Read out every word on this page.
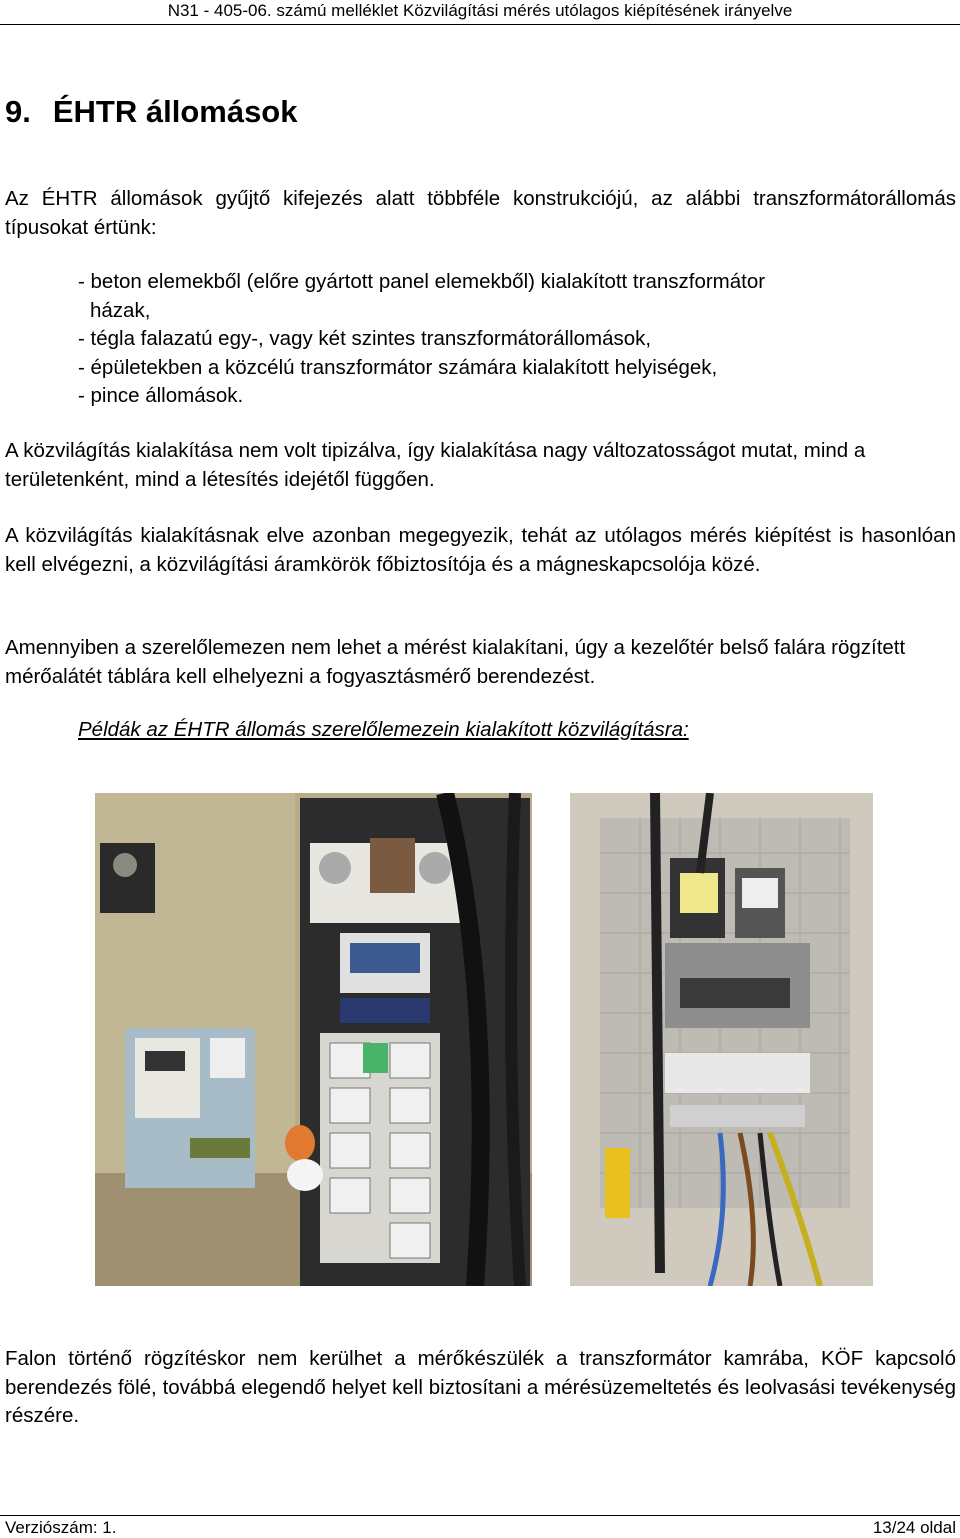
N31 - 405-06. számú melléklet Közvilágítási mérés utólagos kiépítésének irányelve
9. ÉHTR állomások

Az ÉHTR állomások gyűjtő kifejezés alatt többféle konstrukciójú, az alábbi transzformátorállomás típusokat értünk:

- beton elemekből (előre gyártott panel elemekből) kialakított transzformátor
házak,
- tégla falazatú egy-, vagy két szintes transzformátorállomások,
- épületekben a közcélú transzformátor számára kialakított helyiségek,
- pince állomások.

A közvilágítás kialakítása nem volt tipizálva, így kialakítása nagy változatosságot mutat, mind a területenként, mind a létesítés idejétől függően.

A közvilágítás kialakításnak elve azonban megegyezik, tehát az utólagos mérés kiépítést is hasonlóan kell elvégezni, a közvilágítási áramkörök főbiztosítója és a mágneskapcsolója közé.

Amennyiben a szerelőlemezen nem lehet a mérést kialakítani, úgy a kezelőtér belső falára rögzített mérőalátét táblára kell elhelyezni a fogyasztásmérő berendezést.

Példák az ÉHTR állomás szerelőlemezein kialakított közvilágításra:

Falon történő rögzítéskor nem kerülhet a mérőkészülék a transzformátor kamrába, KÖF kapcsoló berendezés fölé, továbbá elegendő helyet kell biztosítani a mérésüzemeltetés és leolvasási tevékenység részére.

Verziószám: 1.	13/24 oldal
